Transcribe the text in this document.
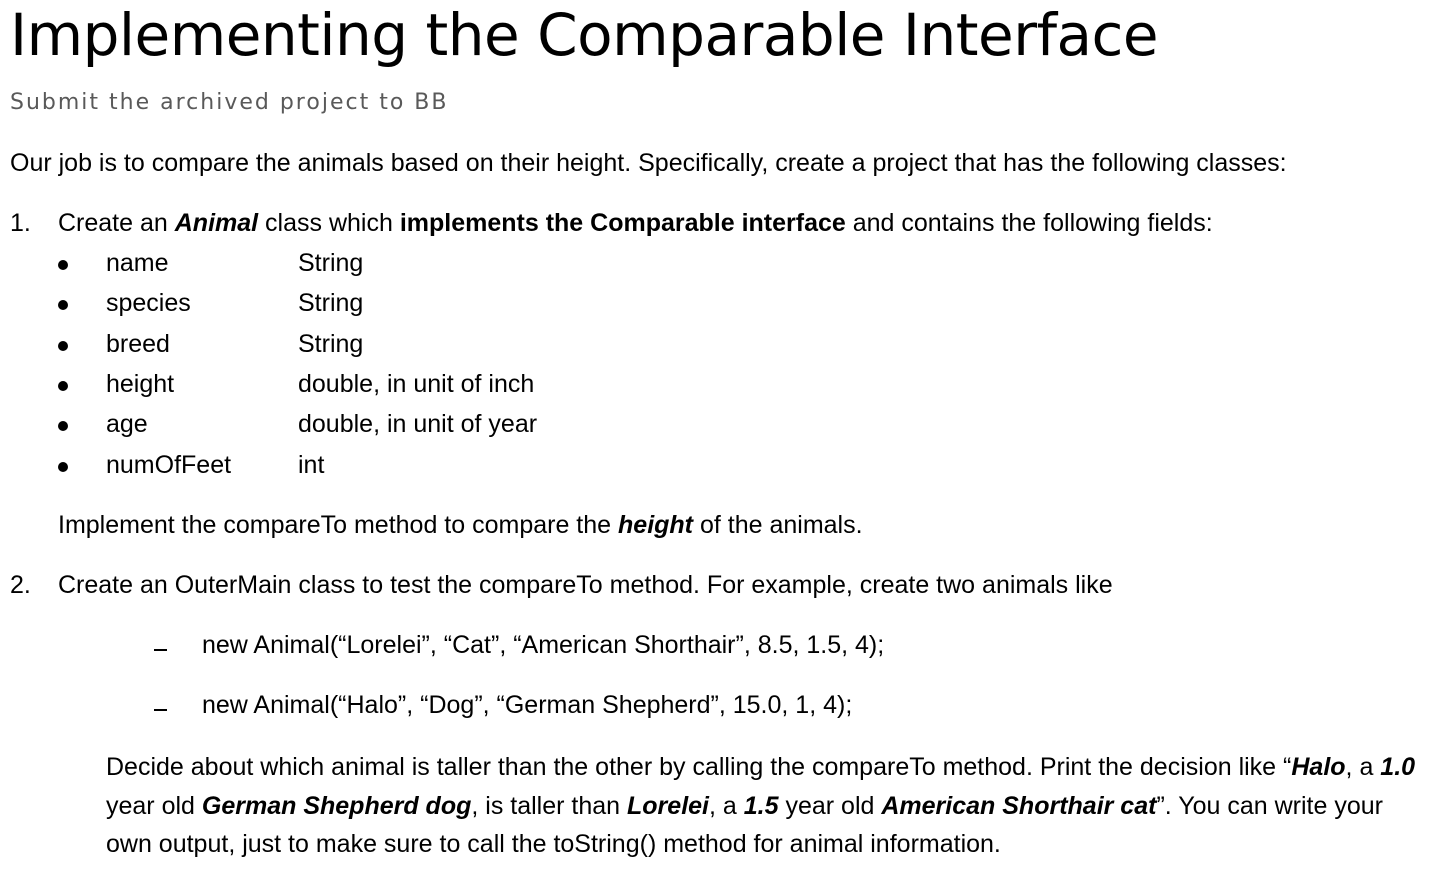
Implementing the Comparable Interface
Submit the archived project to BB

Our job is to compare the animals based on their height. Specifically, create a project that has the following classes:

1. Create an Animal class which implements the Comparable interface and contains the following fields:

name	String
species	String
breed	String
height	double, in unit of inch
age	double, in unit of year
numOfFeet	int

Implement the compareTo method to compare the height of the animals.

2. Create an OuterMain class to test the compareTo method. For example, create two animals like

new Animal(“Lorelei”, “Cat”, “American Shorthair”, 8.5, 1.5, 4);
new Animal(“Halo”, “Dog”, “German Shepherd”, 15.0, 1, 4);

Decide about which animal is taller than the other by calling the compareTo method. Print the decision like “Halo, a 1.0 year old German Shepherd dog, is taller than Lorelei, a 1.5 year old American Shorthair cat”. You can write your own output, just to make sure to call the toString() method for animal information.
